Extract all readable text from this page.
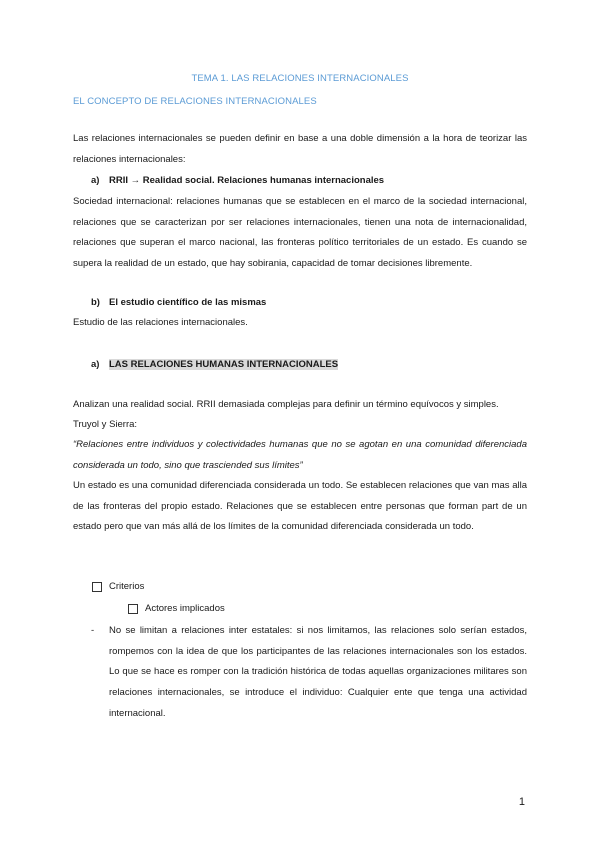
TEMA 1. LAS RELACIONES INTERNACIONALES
EL CONCEPTO DE RELACIONES INTERNACIONALES
Las relaciones internacionales se pueden definir en base a una doble dimensión a la hora de teorizar las relaciones internacionales:
a) RRII → Realidad social. Relaciones humanas internacionales
Sociedad internacional: relaciones humanas que se establecen en el marco de la sociedad internacional, relaciones que se caracterizan por ser relaciones internacionales, tienen una nota de internacionalidad, relaciones que superan el marco nacional, las fronteras político territoriales de un estado. Es cuando se supera la realidad de un estado, que hay sobirania, capacidad de tomar decisiones libremente.
b) El estudio científico de las mismas
Estudio de las relaciones internacionales.
a) LAS RELACIONES HUMANAS INTERNACIONALES
Analizan una realidad social. RRII demasiada complejas para definir un término equívocos y simples.
Truyol y Sierra:
“Relaciones entre individuos y colectividades humanas que no se agotan en una comunidad diferenciada considerada un todo, sino que trasciended sus límites”
Un estado es una comunidad diferenciada considerada un todo. Se establecen relaciones que van mas alla de las fronteras del propio estado. Relaciones que se establecen entre personas que forman part de un estado pero que van más allá de los límites de la comunidad diferenciada considerada un todo.
Criterios
Actores implicados
- No se limitan a relaciones inter estatales: si nos limitamos, las relaciones solo serían estados, rompemos con la idea de que los participantes de las relaciones internacionales son los estados. Lo que se hace es romper con la tradición histórica de todas aquellas organizaciones militares son relaciones internacionales, se introduce el individuo: Cualquier ente que tenga una actividad internacional.
1
